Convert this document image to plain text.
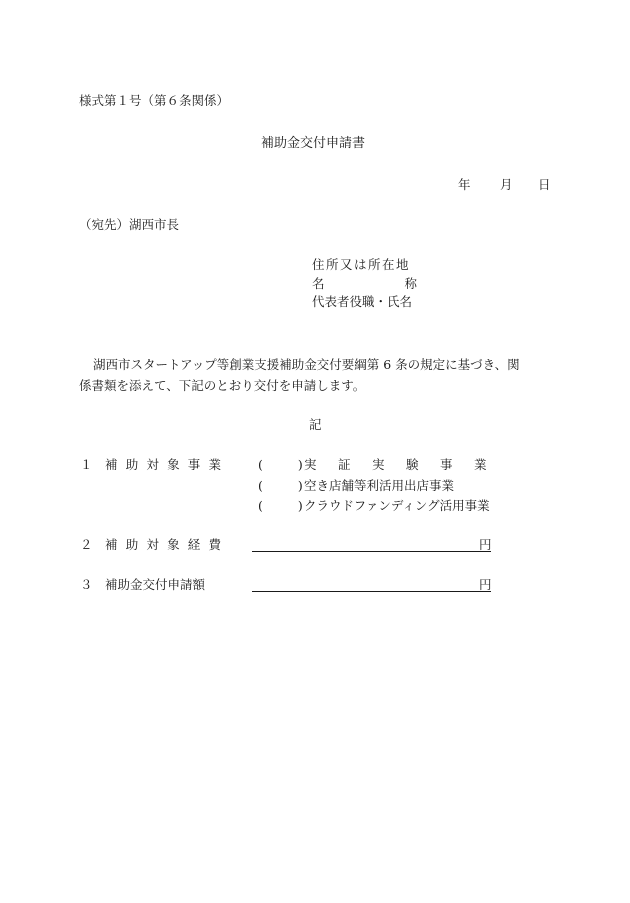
様式第１号（第６条関係）
補助金交付申請書
年 月 日
（宛先）湖西市長
住所又は所在地
名	称
代表者役職・氏名
湖西市スタートアップ等創業支援補助金交付要綱第 6 条の規定に基づき、関
係書類を添えて、下記のとおり交付を申請します。
記
１ 補助対象事業 (	) 実証実験事業
(	) 空き店舗等利活用出店事業
(	) クラウドファンディング活用事業
２ 補助対象経費	円
３ 補助金交付申請額	円
